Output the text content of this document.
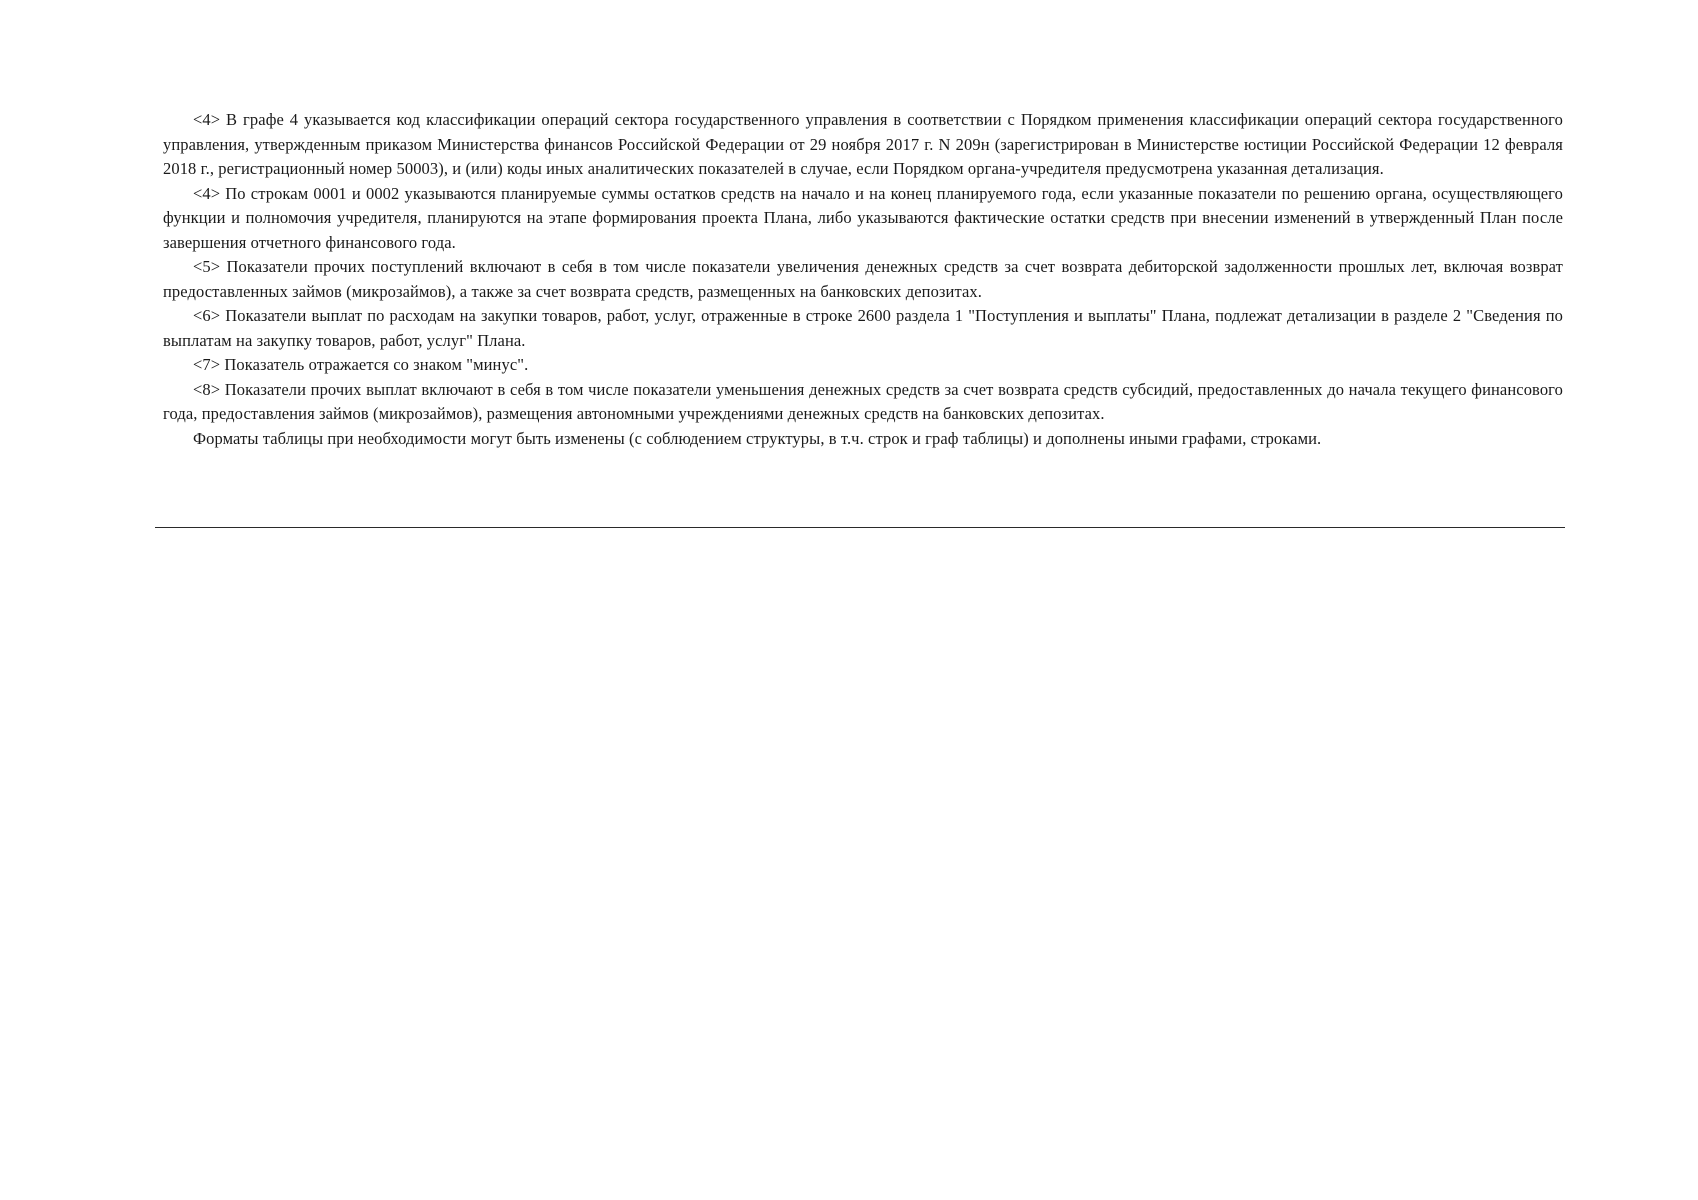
<4> В графе 4 указывается код классификации операций сектора государственного управления в соответствии с Порядком применения классификации операций сектора государственного управления, утвержденным приказом Министерства финансов Российской Федерации от 29 ноября 2017 г. N 209н (зарегистрирован в Министерстве юстиции Российской Федерации 12 февраля 2018 г., регистрационный номер 50003), и (или) коды иных аналитических показателей в случае, если Порядком органа-учредителя предусмотрена указанная детализация.

<4> По строкам 0001 и 0002 указываются планируемые суммы остатков средств на начало и на конец планируемого года, если указанные показатели по решению органа, осуществляющего функции и полномочия учредителя, планируются на этапе формирования проекта Плана, либо указываются фактические остатки средств при внесении изменений в утвержденный План после завершения отчетного финансового года.

<5> Показатели прочих поступлений включают в себя в том числе показатели увеличения денежных средств за счет возврата дебиторской задолженности прошлых лет, включая возврат предоставленных займов (микрозаймов), а также за счет возврата средств, размещенных на банковских депозитах.

<6> Показатели выплат по расходам на закупки товаров, работ, услуг, отраженные в строке 2600 раздела 1 "Поступления и выплаты" Плана, подлежат детализации в разделе 2 "Сведения по выплатам на закупку товаров, работ, услуг" Плана.

<7> Показатель отражается со знаком "минус".

<8> Показатели прочих выплат включают в себя в том числе показатели уменьшения денежных средств за счет возврата средств субсидий, предоставленных до начала текущего финансового года, предоставления займов (микрозаймов), размещения автономными учреждениями денежных средств на банковских депозитах.

Форматы таблицы при необходимости могут быть изменены (с соблюдением структуры, в т.ч. строк и граф таблицы) и дополнены иными графами, строками.
